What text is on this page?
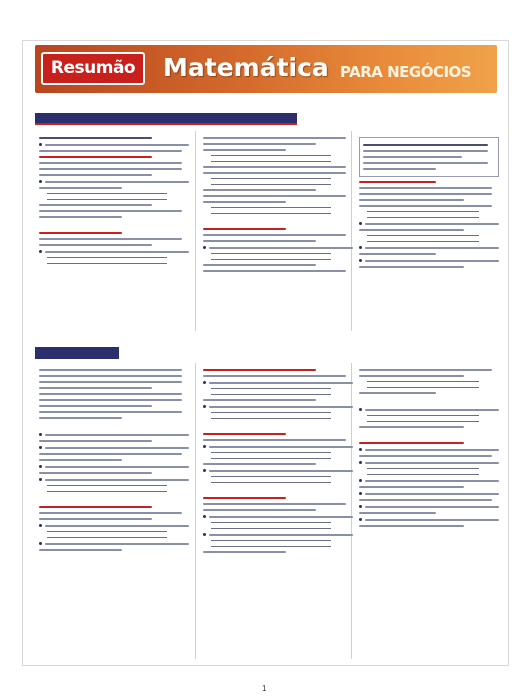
Resumão	Matemática PARA NEGÓCIOS
1
